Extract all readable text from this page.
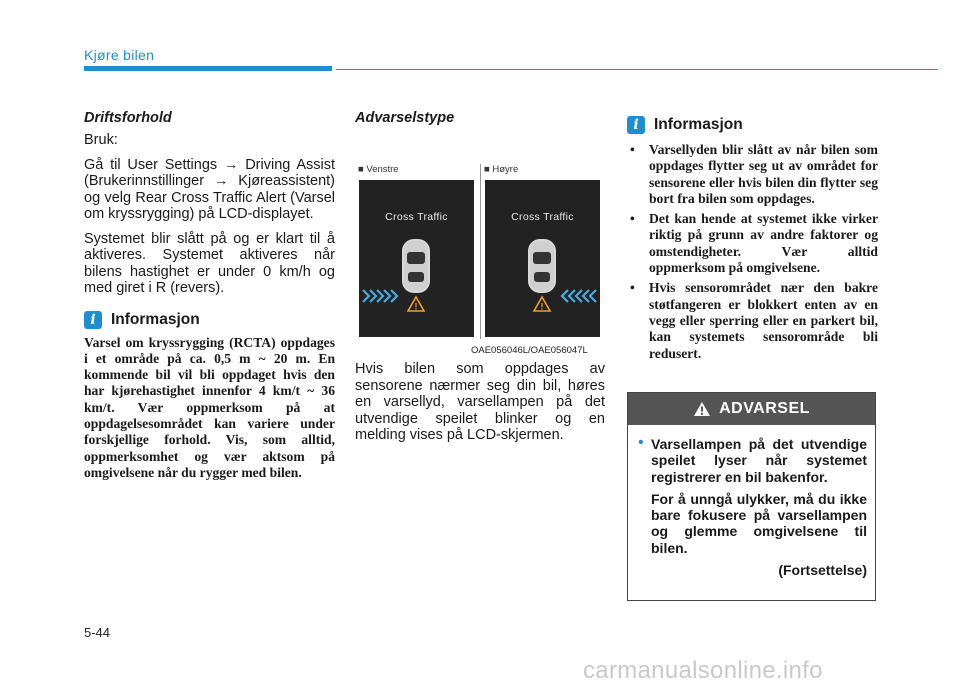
Kjøre bilen
Driftsforhold

Bruk:

Gå til User Settings → Driving Assist (Brukerinnstillinger → Kjøreassistent) og velg Rear Cross Traffic Alert (Varsel om kryssrygging) på LCD-displayet.

Systemet blir slått på og er klart til å aktiveres. Systemet aktiveres når bilens hastighet er under 0 km/h og med giret i R (revers).

i Informasjon

Varsel om kryssrygging (RCTA) oppdages i et område på ca. 0,5 m ~ 20 m. En kommende bil vil bli oppdaget hvis den har kjørehastighet innenfor 4 km/t ~ 36 km/t. Vær oppmerksom på at oppdagelsesområdet kan variere under forskjellige forhold. Vis, som alltid, oppmerksomhet og vær aktsom på omgivelsene når du rygger med bilen.

Advarselstype
■ Venstre	■ Høyre
Cross Traffic
!
Cross Traffic
!
OAE056046L/OAE056047L

Hvis bilen som oppdages av sensorene nærmer seg din bil, høres en varsellyd, varsellampen på det utvendige speilet blinker og en melding vises på LCD-skjermen.

i Informasjon
• Varsellyden blir slått av når bilen som oppdages flytter seg ut av området for sensorene eller hvis bilen din flytter seg bort fra bilen som oppdages.
• Det kan hende at systemet ikke virker riktig på grunn av andre faktorer og omstendigheter. Vær alltid oppmerksom på omgivelsene.
• Hvis sensorområdet nær den bakre støtfangeren er blokkert enten av en vegg eller sperring eller en parkert bil, kan systemets sensorområde bli redusert.
ADVARSEL
• Varsellampen på det utvendige speilet lyser når systemet registrerer en bil bakenfor.

For å unngå ulykker, må du ikke bare fokusere på varsellampen og glemme omgivelsene til bilen.

(Fortsettelse)

5-44
carmanualsonline.info
